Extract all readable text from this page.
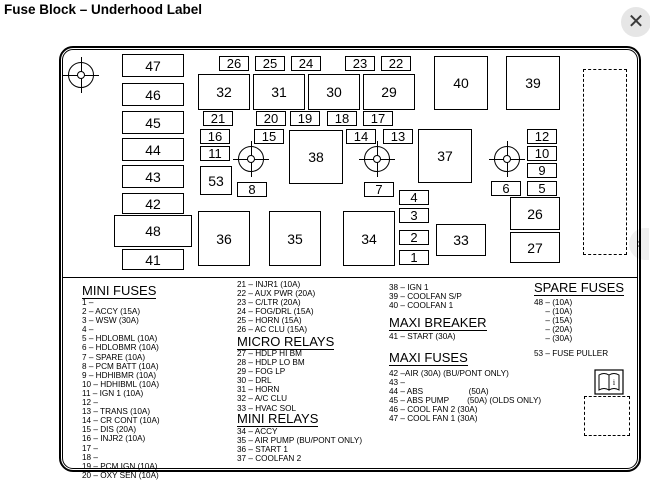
Fuse Block – Underhood Label
✕
›
47
46
45
44
43
42
48
41
26	25	24	23	22
32	31	30	29
40	39
21	20	19	18	17
16	15	14	13	12
11	10
9
38	37
53
8	7	6	5
4
3
2
1
26
27
36	35	34	33
i
MINI FUSES
1 –
2 – ACCY (15A)
3 – WSW (30A)
4 –
5 – HDLOBML (10A)
6 – HDLOBMR (10A)
7 – SPARE (10A)
8 – PCM BATT (10A)
9 – HDHIBMR (10A)
10 – HDHIBML (10A)
11 – IGN 1 (10A)
12 –
13 – TRANS (10A)
14 – CR CONT (10A)
15 – DIS (20A)
16 – INJR2 (10A)
17 –
18 –
19 – PCM IGN (10A)
20 – OXY SEN (10A)
21 – INJR1 (10A)
22 – AUX PWR (20A)
23 – C/LTR (20A)
24 – FOG/DRL (15A)
25 – HORN (15A)
26 – AC CLU (15A)
MICRO RELAYS
27 – HDLP HI BM
28 – HDLP LO BM
29 – FOG LP
30 – DRL
31 – HORN
32 – A/C CLU
33 – HVAC SOL
MINI RELAYS
34 – ACCY
35 – AIR PUMP (BU/PONT ONLY)
36 – START 1
37 – COOLFAN 2
38 – IGN 1
39 – COOLFAN S/P
40 – COOLFAN 1
MAXI BREAKER
41 – START (30A)
MAXI FUSES
42 –AIR (30A) (BU/PONT ONLY)
43 –
44 – ABS                    (50A)
45 – ABS PUMP        (50A) (OLDS ONLY)
46 – COOL FAN 2 (30A)
47 – COOL FAN 1 (30A)
SPARE FUSES
48 – (10A)
– (10A)
– (15A)
– (20A)
– (30A)
53 – FUSE PULLER
